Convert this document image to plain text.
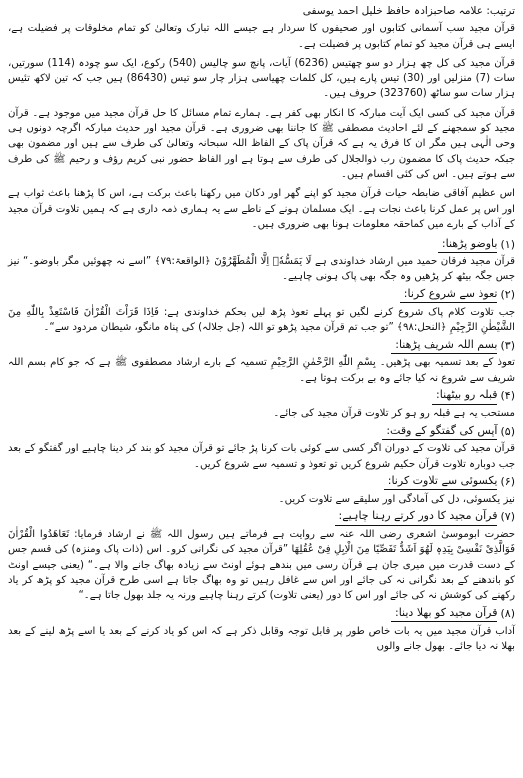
ترتیب: علامہ صاحبزادہ حافظ خلیل احمد یوسفی

قرآن مجید سب آسمانی کتابوں اور صحیفوں کا سردار ہے جیسے اللہ تبارک وتعالیٰ کو تمام مخلوقات پر فضیلت ہے، ایسے ہی قرآن مجید کو تمام کتابوں پر فضیلت ہے۔

قرآن مجید کی کل چھ ہزار دو سو چھتیس (6236) آیات، پانچ سو چالیس (540) رکوع، ایک سو چودہ (114) سورتیں، سات (7) منزلیں اور (30) تیس پارے ہیں، کل کلمات چھیاسی ہزار چار سو تیس (86430) ہیں جب کہ تین لاکھ تئیس ہزار سات سو ساٹھ (323760) حروف ہیں۔

قرآن مجید کی کسی ایک آیت مبارکہ کا انکار بھی کفر ہے۔ ہمارے تمام مسائل کا حل قرآن مجید میں موجود ہے۔ قرآن مجید کو سمجھنے کے لئے احادیث مصطفی ﷺ کا جاننا بھی ضروری ہے۔ قرآن مجید اور حدیث مبارکہ اگرچہ دونوں ہی وحی الٰہی ہیں مگر ان کا فرق یہ ہے کہ قرآن پاک کے الفاظ اللہ سبحانہ وتعالیٰ کی طرف سے ہیں اور مضمون بھی جبکہ حدیث پاک کا مضمون رب ذوالجلال کی طرف سے ہوتا ہے اور الفاظ حضور نبی کریم رؤف و رحیم ﷺ کی طرف سے ہوتے ہیں۔ اس کی کئی اقسام ہیں۔

اس عظیم آفاقی ضابطہ حیات قرآن مجید کو اپنے گھر اور دکان میں رکھنا باعث برکت ہے، اس کا پڑھنا باعث ثواب ہے اور اس پر عمل کرنا باعث نجات ہے۔ ایک مسلمان ہونے کے ناطے سے یہ ہماری ذمہ داری ہے کہ ہمیں تلاوت قرآن مجید کے آداب کے بارے میں کماحقہ معلومات ہونا بھی ضروری ہیں۔

(۱)
باوضو پڑھنا:

قرآن مجید فرقان حمید میں ارشاد خداوندی ہے لَا یَمَسُّهٗۤ اِلَّا الْمُطَهَّرُوْنَ ﴿الواقعۃ:۷۹﴾ ”اسے نہ چھوئیں مگر باوضو۔“ نیز جس جگہ بیٹھ کر پڑھیں وہ جگہ بھی پاک ہونی چاہیے۔

(۲)
تعوذ سے شروع کرنا:

جب تلاوت کلام پاک شروع کرنے لگیں تو پہلے تعوذ پڑھ لیں بحکم خداوندی ہے: فَاِذَا قَرَاْتَ الْقُرْاٰنَ فَاسْتَعِذْ بِاللّٰهِ مِنَ الشَّیْطٰنِ الرَّجِیْمِ ﴿النحل:۹۸﴾ ”تو جب تم قرآن مجید پڑھو تو اللہ (جل جلالہ) کی پناہ مانگو، شیطان مردود سے“۔

(۳)
بسم اللہ شریف پڑھنا:

تعوذ کے بعد تسمیہ بھی پڑھیں۔ بِسْمِ اللّٰهِ الرَّحْمٰنِ الرَّحِیْمِ تسمیہ کے بارے ارشاد مصطفوی ﷺ ہے کہ جو کام بسم اللہ شریف سے شروع نہ کیا جائے وہ بے برکت ہوتا ہے۔

(۴)
قبلہ رو بیٹھنا:

مستحب یہ ہے قبلہ رو ہو کر تلاوت قرآن مجید کی جائے۔

(۵)
آپس کی گفتگو کے وقت:

قرآن مجید کی تلاوت کے دوران اگر کسی سے کوئی بات کرنا پڑ جائے تو قرآن مجید کو بند کر دینا چاہیے اور گفتگو کے بعد جب دوبارہ تلاوت قرآن حکیم شروع کریں تو تعوذ و تسمیہ سے شروع کریں۔

(۶)
یکسوئی سے تلاوت کرنا:

نیز یکسوئی، دل کی آمادگی اور سلیقے سے تلاوت کریں۔

(۷)
قرآن مجید کا دور کرتے رہنا چاہیے:

حضرت ابوموسیٰ اشعری رضی اللہ عنہ سے روایت ہے فرماتے ہیں رسول اللہ ﷺ نے ارشاد فرمایا: تَعَاهَدُوا الْقُرْاٰنَ فَوَالَّذِیْ نَفْسِیْ بِیَدِهٖ لَهُوَ اَشَدُّ تَفَصِّیًا مِنَ الْاِبِلِ فِیْ عُقُلِهَا ”قرآن مجید کی نگرانی کرو۔ اس (ذات پاک ومنزہ) کی قسم جس کے دست قدرت میں میری جان ہے قرآن رسی میں بندھے ہوئے اونٹ سے زیادہ بھاگ جانے والا ہے۔“ (یعنی جیسے اونٹ کو باندھنے کے بعد نگرانی نہ کی جائے اور اس سے غافل رہیں تو وہ بھاگ جاتا ہے اسی طرح قرآن مجید کو پڑھ کر یاد رکھنے کی کوشش نہ کی جائے اور اس کا دور (یعنی تلاوت) کرتے رہنا چاہیے ورنہ یہ جلد بھول جاتا ہے۔“

(۸)
قرآن مجید کو بھلا دینا:

آداب قرآن مجید میں یہ بات خاص طور پر قابل توجہ وقابل ذکر ہے کہ اس کو یاد کرنے کے بعد یا اسے پڑھ لینے کے بعد بھلا نہ دیا جائے۔ بھول جانے والوں
